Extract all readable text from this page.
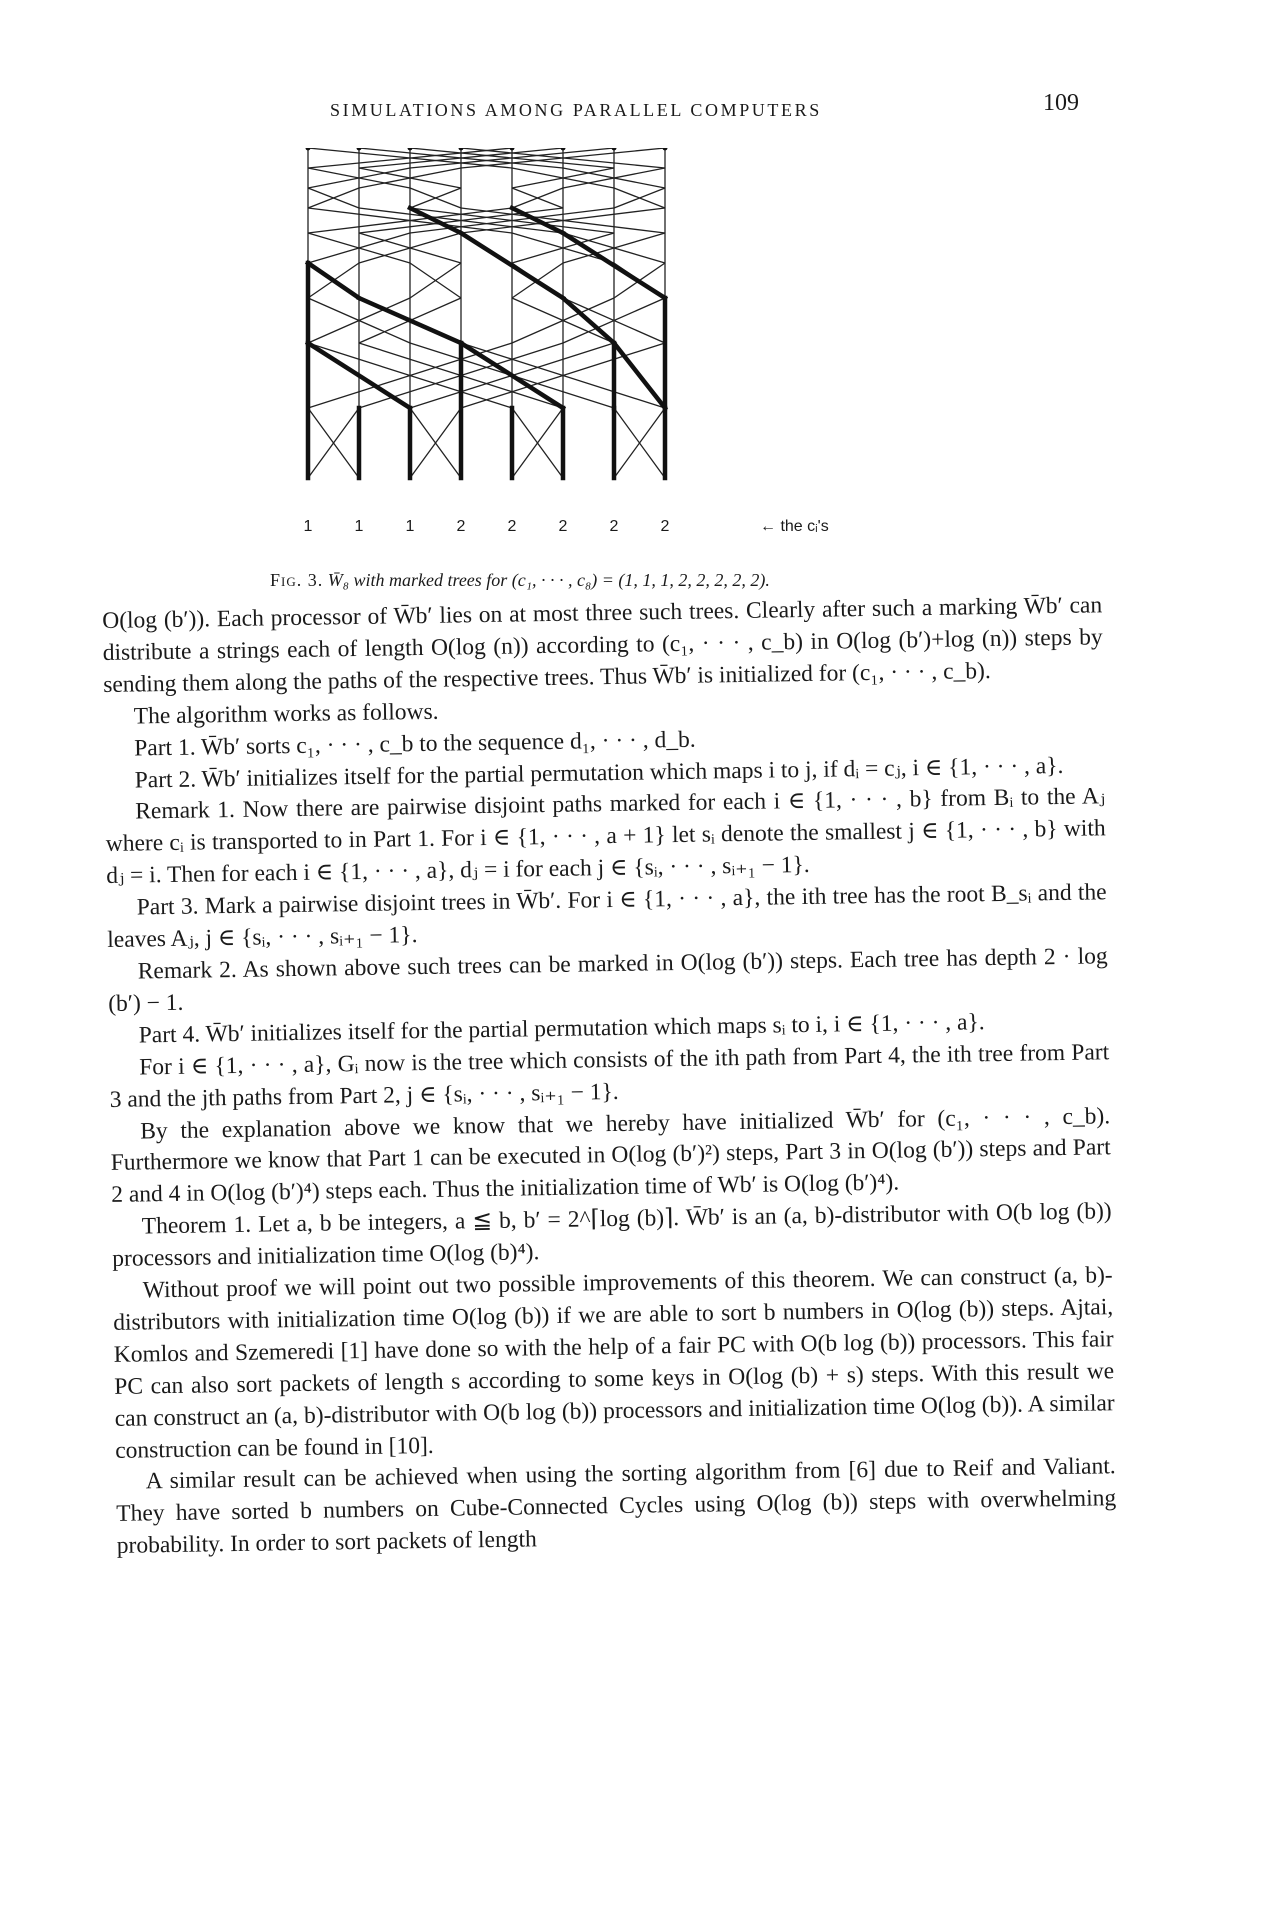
SIMULATIONS AMONG PARALLEL COMPUTERS	109
1	1	1	2	2	2	2	2	← the cᵢ's
Fig. 3. W̄₈ with marked trees for (c₁, · · · , c₈) = (1, 1, 1, 2, 2, 2, 2, 2).

O(log (b′)). Each processor of W̄b′ lies on at most three such trees. Clearly after such a marking W̄b′ can distribute a strings each of length O(log (n)) according to (c₁, · · · , c_b) in O(log (b′)+log (n)) steps by sending them along the paths of the respective trees. Thus W̄b′ is initialized for (c₁, · · · , c_b).

The algorithm works as follows.

Part 1. W̄b′ sorts c₁, · · · , c_b to the sequence d₁, · · · , d_b.

Part 2. W̄b′ initializes itself for the partial permutation which maps i to j, if dᵢ = cⱼ, i ∈ {1, · · · , a}.

Remark 1. Now there are pairwise disjoint paths marked for each i ∈ {1, · · · , b} from Bᵢ to the Aⱼ where cᵢ is transported to in Part 1. For i ∈ {1, · · · , a + 1} let sᵢ denote the smallest j ∈ {1, · · · , b} with dⱼ = i. Then for each i ∈ {1, · · · , a}, dⱼ = i for each j ∈ {sᵢ, · · · , sᵢ₊₁ − 1}.

Part 3. Mark a pairwise disjoint trees in W̄b′. For i ∈ {1, · · · , a}, the ith tree has the root B_sᵢ and the leaves Aⱼ, j ∈ {sᵢ, · · · , sᵢ₊₁ − 1}.

Remark 2. As shown above such trees can be marked in O(log (b′)) steps. Each tree has depth 2 · log (b′) − 1.

Part 4. W̄b′ initializes itself for the partial permutation which maps sᵢ to i, i ∈ {1, · · · , a}.

For i ∈ {1, · · · , a}, Gᵢ now is the tree which consists of the ith path from Part 4, the ith tree from Part 3 and the jth paths from Part 2, j ∈ {sᵢ, · · · , sᵢ₊₁ − 1}.

By the explanation above we know that we hereby have initialized W̄b′ for (c₁, · · · , c_b). Furthermore we know that Part 1 can be executed in O(log (b′)²) steps, Part 3 in O(log (b′)) steps and Part 2 and 4 in O(log (b′)⁴) steps each. Thus the initialization time of Wb′ is O(log (b′)⁴).

Theorem 1. Let a, b be integers, a ≦ b, b′ = 2^⌈log (b)⌉. W̄b′ is an (a, b)-distributor with O(b log (b)) processors and initialization time O(log (b)⁴).

Without proof we will point out two possible improvements of this theorem. We can construct (a, b)-distributors with initialization time O(log (b)) if we are able to sort b numbers in O(log (b)) steps. Ajtai, Komlos and Szemeredi [1] have done so with the help of a fair PC with O(b log (b)) processors. This fair PC can also sort packets of length s according to some keys in O(log (b) + s) steps. With this result we can construct an (a, b)-distributor with O(b log (b)) processors and initialization time O(log (b)). A similar construction can be found in [10].

A similar result can be achieved when using the sorting algorithm from [6] due to Reif and Valiant. They have sorted b numbers on Cube-Connected Cycles using O(log (b)) steps with overwhelming probability. In order to sort packets of length
